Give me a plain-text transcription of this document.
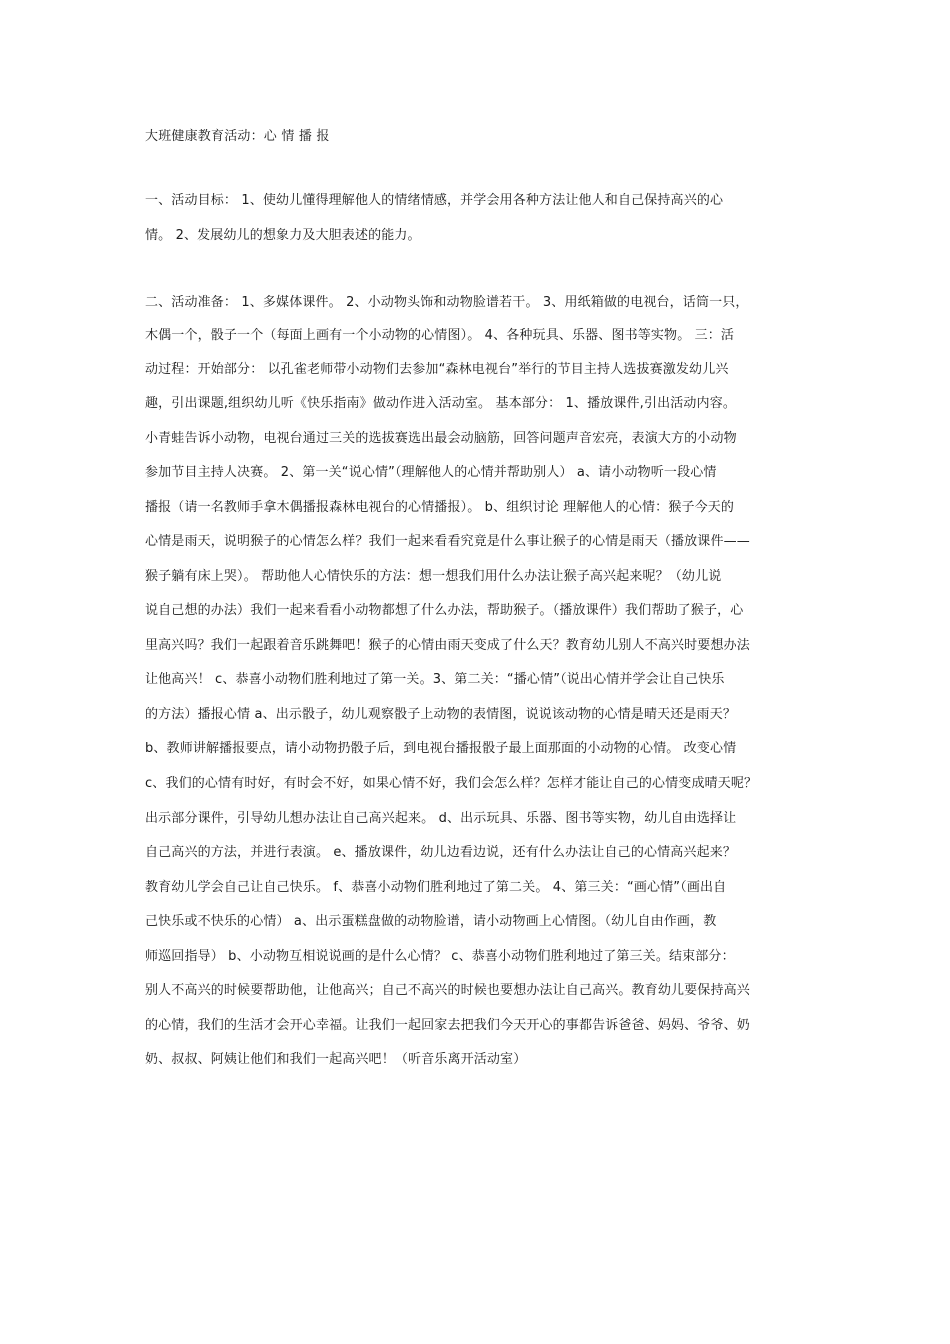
大班健康教育活动：心 情 播 报
一、活动目标： 1、使幼儿懂得理解他人的情绪情感，并学会用各种方法让他人和自己保持高兴的心
情。 2、发展幼儿的想象力及大胆表述的能力。
二、活动准备： 1、多媒体课件。 2、小动物头饰和动物脸谱若干。 3、用纸箱做的电视台，话筒一只，
木偶一个，骰子一个（每面上画有一个小动物的心情图）。 4、各种玩具、乐器、图书等实物。 三：活
动过程：开始部分： 以孔雀老师带小动物们去参加“森林电视台”举行的节目主持人选拔赛激发幼儿兴
趣，引出课题,组织幼儿听《快乐指南》做动作进入活动室。 基本部分： 1、播放课件,引出活动内容。
小青蛙告诉小动物，电视台通过三关的选拔赛选出最会动脑筋，回答问题声音宏亮，表演大方的小动物
参加节目主持人决赛。 2、第一关“说心情”（理解他人的心情并帮助别人） a、请小动物听一段心情
播报（请一名教师手拿木偶播报森林电视台的心情播报）。 b、组织讨论 理解他人的心情：猴子今天的
心情是雨天，说明猴子的心情怎么样？我们一起来看看究竟是什么事让猴子的心情是雨天（播放课件——
猴子躺有床上哭）。 帮助他人心情快乐的方法：想一想我们用什么办法让猴子高兴起来呢？（幼儿说
说自己想的办法）我们一起来看看小动物都想了什么办法，帮助猴子。（播放课件）我们帮助了猴子，心
里高兴吗？我们一起跟着音乐跳舞吧！猴子的心情由雨天变成了什么天？教育幼儿别人不高兴时要想办法
让他高兴！ c、恭喜小动物们胜利地过了第一关。3、第二关：“播心情”（说出心情并学会让自己快乐
的方法）播报心情 a、出示骰子，幼儿观察骰子上动物的表情图，说说该动物的心情是晴天还是雨天？
b、教师讲解播报要点，请小动物扔骰子后，到电视台播报骰子最上面那面的小动物的心情。 改变心情
c、我们的心情有时好，有时会不好，如果心情不好，我们会怎么样？怎样才能让自己的心情变成晴天呢？
出示部分课件，引导幼儿想办法让自己高兴起来。 d、出示玩具、乐器、图书等实物，幼儿自由选择让
自己高兴的方法，并进行表演。 e、播放课件，幼儿边看边说，还有什么办法让自己的心情高兴起来？
教育幼儿学会自己让自己快乐。 f、恭喜小动物们胜利地过了第二关。 4、第三关：“画心情”（画出自
己快乐或不快乐的心情） a、出示蛋糕盘做的动物脸谱，请小动物画上心情图。（幼儿自由作画，教
师巡回指导） b、小动物互相说说画的是什么心情？ c、恭喜小动物们胜利地过了第三关。结束部分：
别人不高兴的时候要帮助他，让他高兴；自己不高兴的时候也要想办法让自己高兴。教育幼儿要保持高兴
的心情，我们的生活才会开心幸福。让我们一起回家去把我们今天开心的事都告诉爸爸、妈妈、爷爷、奶
奶、叔叔、阿姨让他们和我们一起高兴吧！（听音乐离开活动室）
